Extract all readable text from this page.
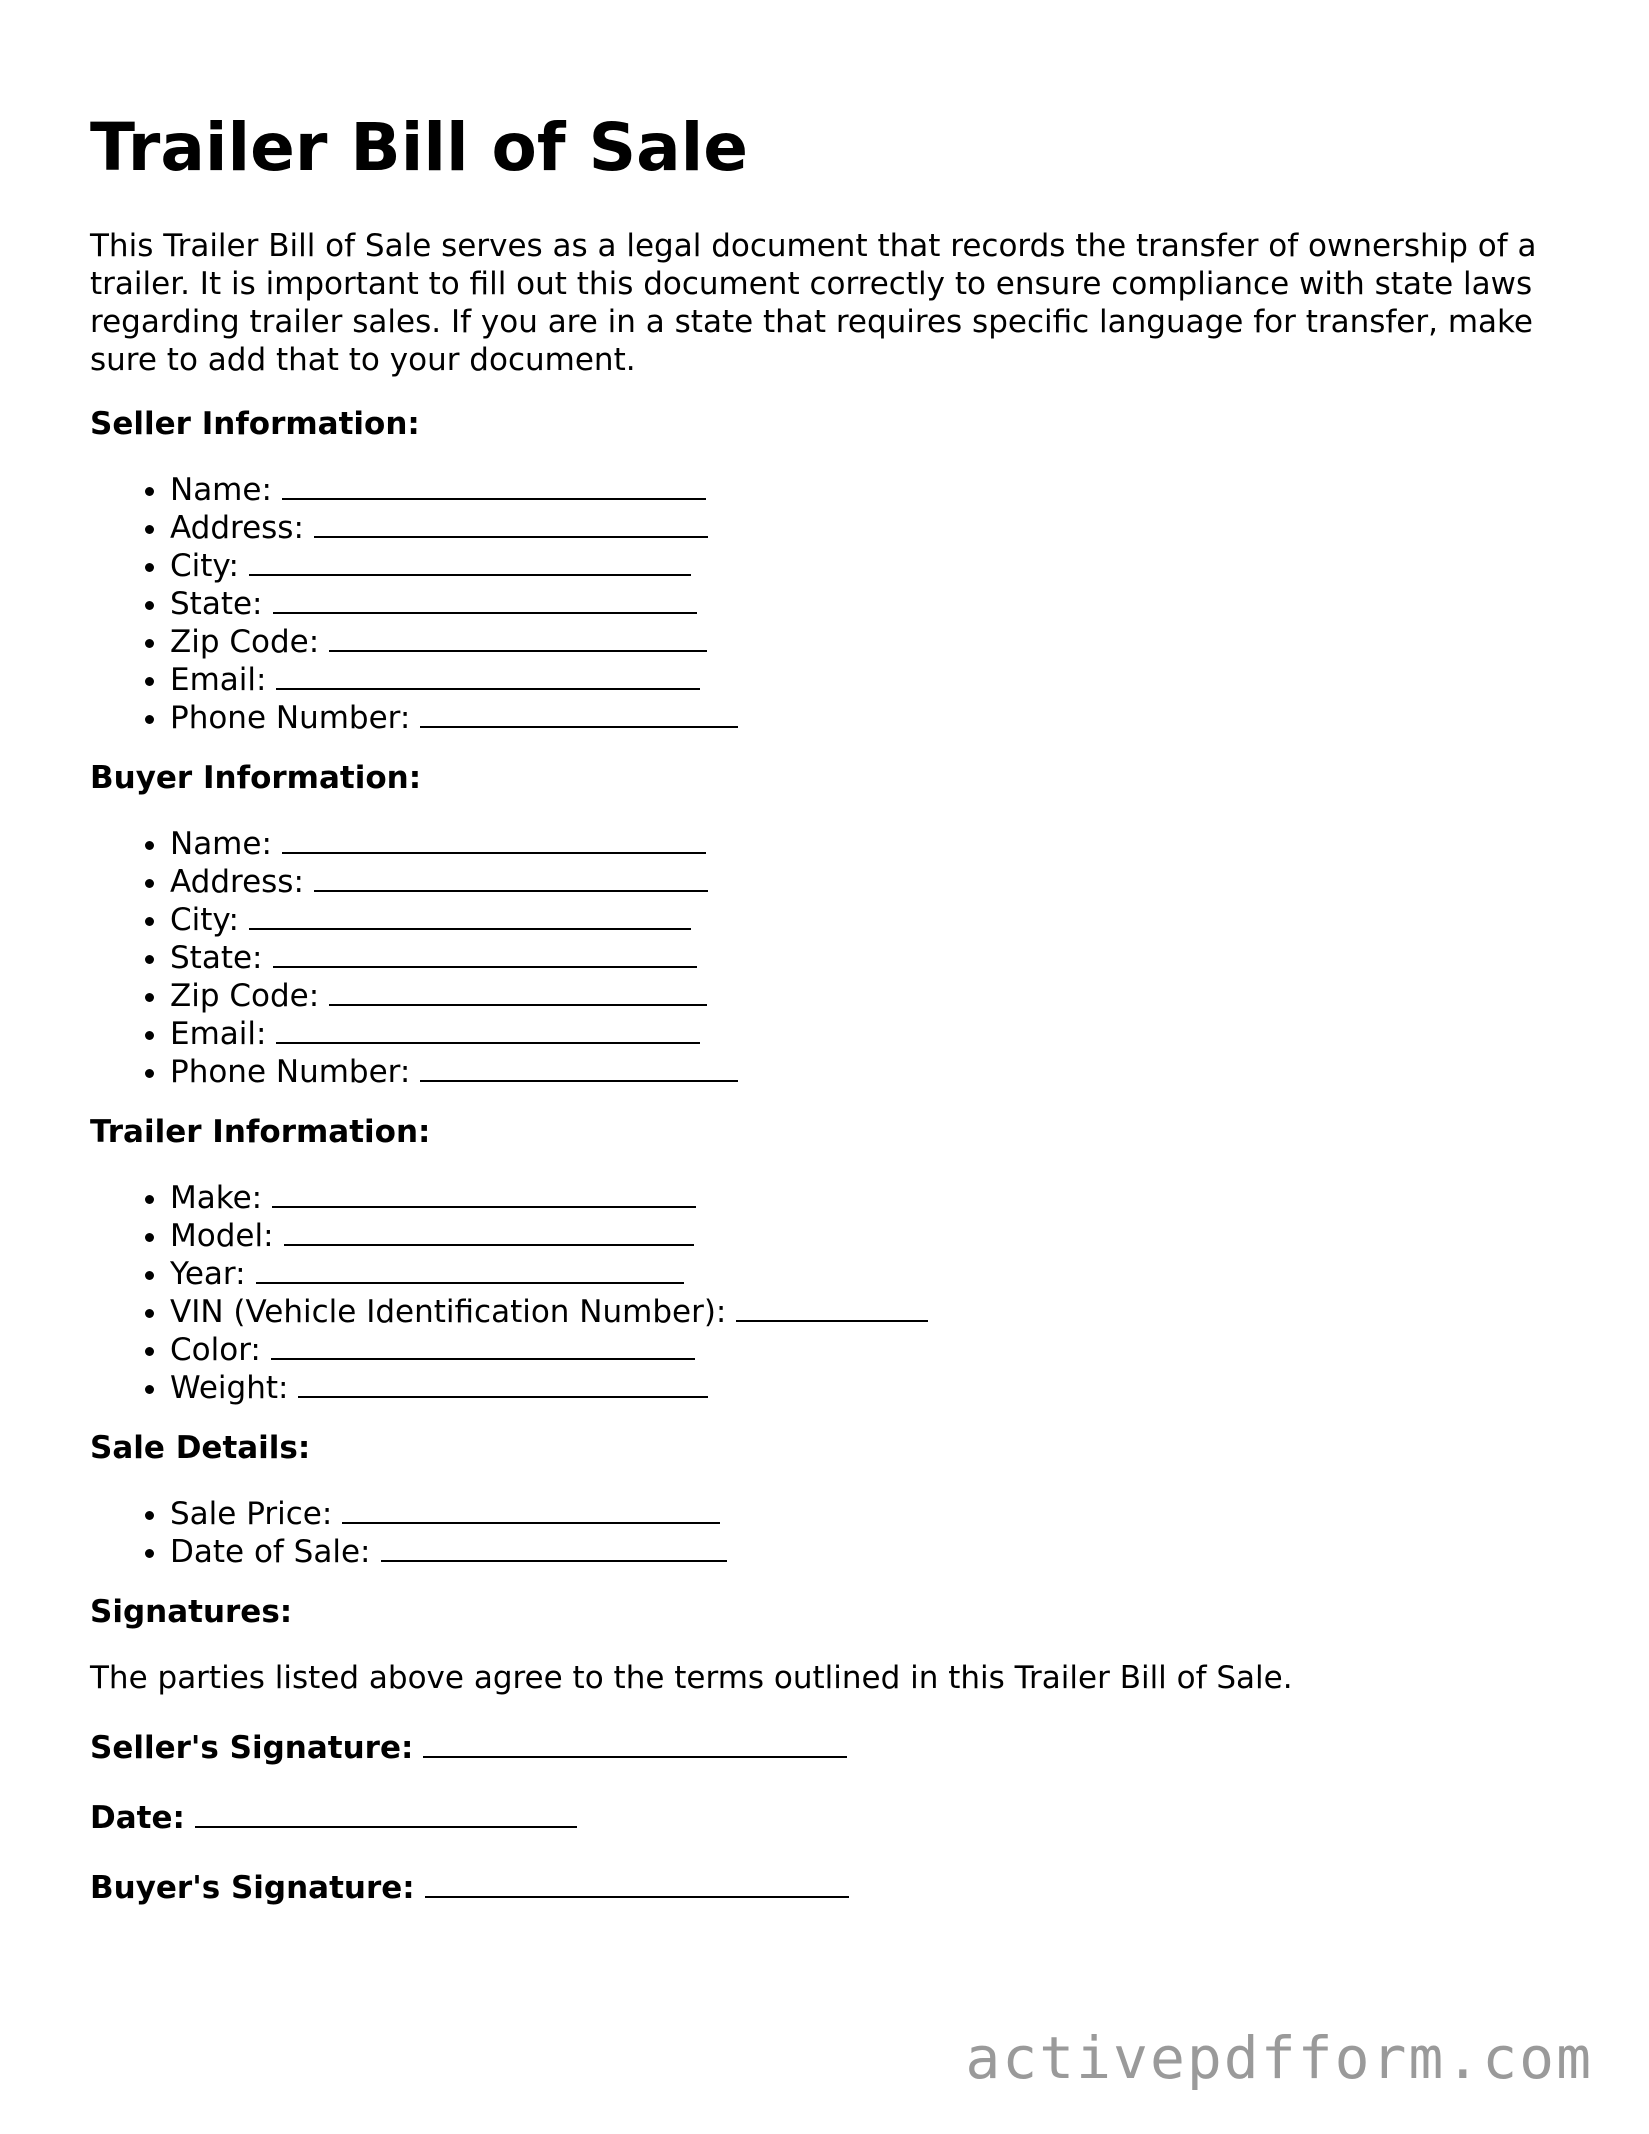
Trailer Bill of Sale

This Trailer Bill of Sale serves as a legal document that records the transfer of ownership of a trailer. It is important to fill out this document correctly to ensure compliance with state laws regarding trailer sales. If you are in a state that requires specific language for transfer, make sure to add that to your document.

Seller Information:
• Name:
• Address:
• City:
• State:
• Zip Code:
• Email:
• Phone Number:
Buyer Information:
• Name:
• Address:
• City:
• State:
• Zip Code:
• Email:
• Phone Number:
Trailer Information:
• Make:
• Model:
• Year:
• VIN (Vehicle Identification Number):
• Color:
• Weight:
Sale Details:
• Sale Price:
• Date of Sale:
Signatures:

The parties listed above agree to the terms outlined in this Trailer Bill of Sale.

Seller's Signature:
Date:
Buyer's Signature:
activepdfform.com
